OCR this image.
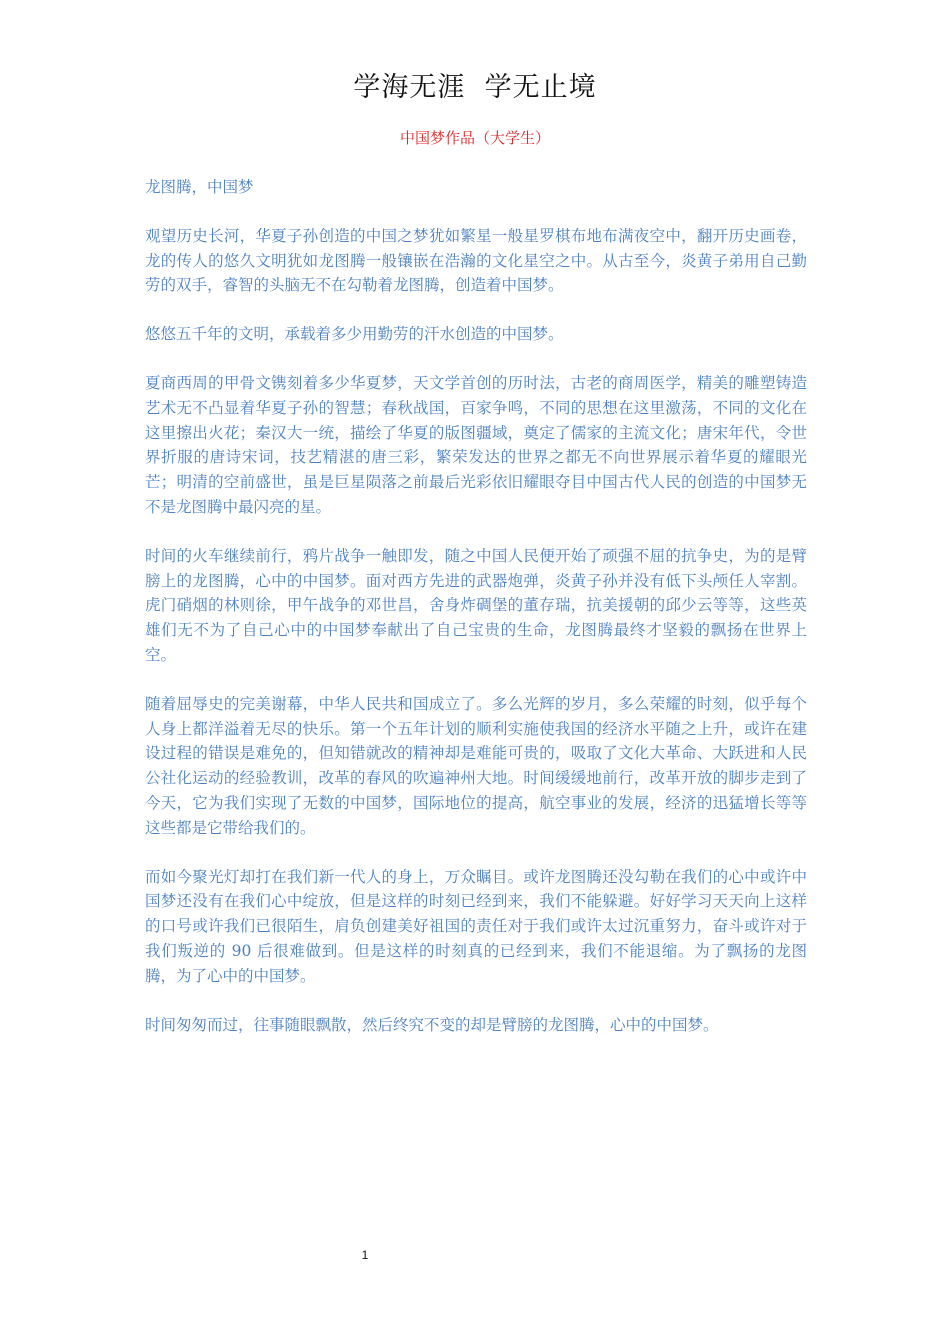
学海无涯  学无止境
中国梦作品（大学生）

龙图腾，中国梦

观望历史长河，华夏子孙创造的中国之梦犹如繁星一般星罗棋布地布满夜空中，翻开历史画卷，龙的传人的悠久文明犹如龙图腾一般镶嵌在浩瀚的文化星空之中。从古至今，炎黄子弟用自己勤劳的双手，睿智的头脑无不在勾勒着龙图腾，创造着中国梦。

悠悠五千年的文明，承载着多少用勤劳的汗水创造的中国梦。

夏商西周的甲骨文镌刻着多少华夏梦，天文学首创的历时法，古老的商周医学，精美的雕塑铸造艺术无不凸显着华夏子孙的智慧；春秋战国，百家争鸣，不同的思想在这里激荡，不同的文化在这里擦出火花；秦汉大一统，描绘了华夏的版图疆域，奠定了儒家的主流文化；唐宋年代，令世界折服的唐诗宋词，技艺精湛的唐三彩，繁荣发达的世界之都无不向世界展示着华夏的耀眼光芒；明清的空前盛世，虽是巨星陨落之前最后光彩依旧耀眼夺目中国古代人民的创造的中国梦无不是龙图腾中最闪亮的星。

时间的火车继续前行，鸦片战争一触即发，随之中国人民便开始了顽强不屈的抗争史，为的是臂膀上的龙图腾，心中的中国梦。面对西方先进的武器炮弹，炎黄子孙并没有低下头颅任人宰割。虎门硝烟的林则徐，甲午战争的邓世昌，舍身炸碉堡的董存瑞，抗美援朝的邱少云等等，这些英雄们无不为了自己心中的中国梦奉献出了自己宝贵的生命，龙图腾最终才坚毅的飘扬在世界上空。

随着屈辱史的完美谢幕，中华人民共和国成立了。多么光辉的岁月，多么荣耀的时刻，似乎每个人身上都洋溢着无尽的快乐。第一个五年计划的顺利实施使我国的经济水平随之上升，或许在建设过程的错误是难免的，但知错就改的精神却是难能可贵的，吸取了文化大革命、大跃进和人民公社化运动的经验教训，改革的春风的吹遍神州大地。时间缓缓地前行，改革开放的脚步走到了今天，它为我们实现了无数的中国梦，国际地位的提高，航空事业的发展，经济的迅猛增长等等这些都是它带给我们的。

而如今聚光灯却打在我们新一代人的身上，万众瞩目。或许龙图腾还没勾勒在我们的心中或许中国梦还没有在我们心中绽放，但是这样的时刻已经到来，我们不能躲避。好好学习天天向上这样的口号或许我们已很陌生，肩负创建美好祖国的责任对于我们或许太过沉重努力，奋斗或许对于我们叛逆的 90 后很难做到。但是这样的时刻真的已经到来，我们不能退缩。为了飘扬的龙图腾，为了心中的中国梦。

时间匆匆而过，往事随眼飘散，然后终究不变的却是臂膀的龙图腾，心中的中国梦。

1
